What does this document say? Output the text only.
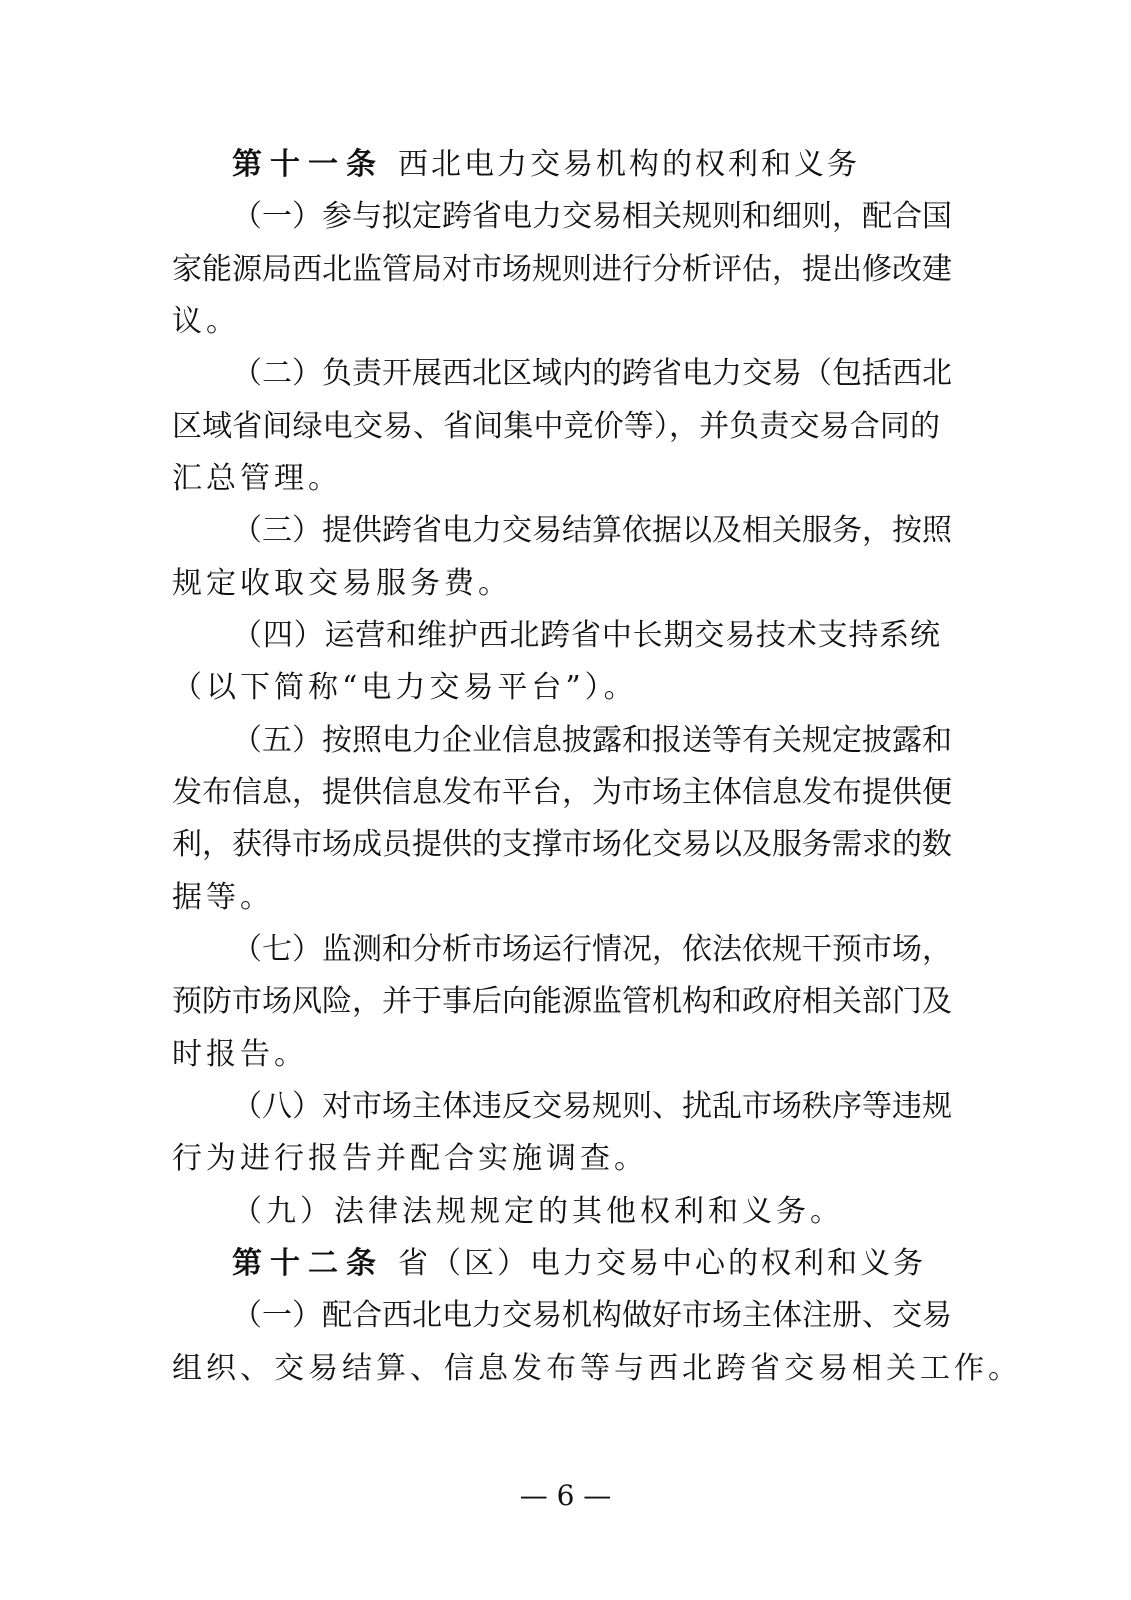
第十一条 西北电力交易机构的权利和义务
（一）参与拟定跨省电力交易相关规则和细则，配合国
家能源局西北监管局对市场规则进行分析评估，提出修改建
议。
（二）负责开展西北区域内的跨省电力交易（包括西北
区域省间绿电交易、省间集中竞价等），并负责交易合同的
汇总管理。
（三）提供跨省电力交易结算依据以及相关服务，按照
规定收取交易服务费。
（四）运营和维护西北跨省中长期交易技术支持系统
（以下简称“电力交易平台”）。
（五）按照电力企业信息披露和报送等有关规定披露和
发布信息，提供信息发布平台，为市场主体信息发布提供便
利，获得市场成员提供的支撑市场化交易以及服务需求的数
据等。
（七）监测和分析市场运行情况，依法依规干预市场，
预防市场风险，并于事后向能源监管机构和政府相关部门及
时报告。
（八）对市场主体违反交易规则、扰乱市场秩序等违规
行为进行报告并配合实施调查。
（九）法律法规规定的其他权利和义务。
第十二条 省（区）电力交易中心的权利和义务
（一）配合西北电力交易机构做好市场主体注册、交易
组织、交易结算、信息发布等与西北跨省交易相关工作。
— 6 —
